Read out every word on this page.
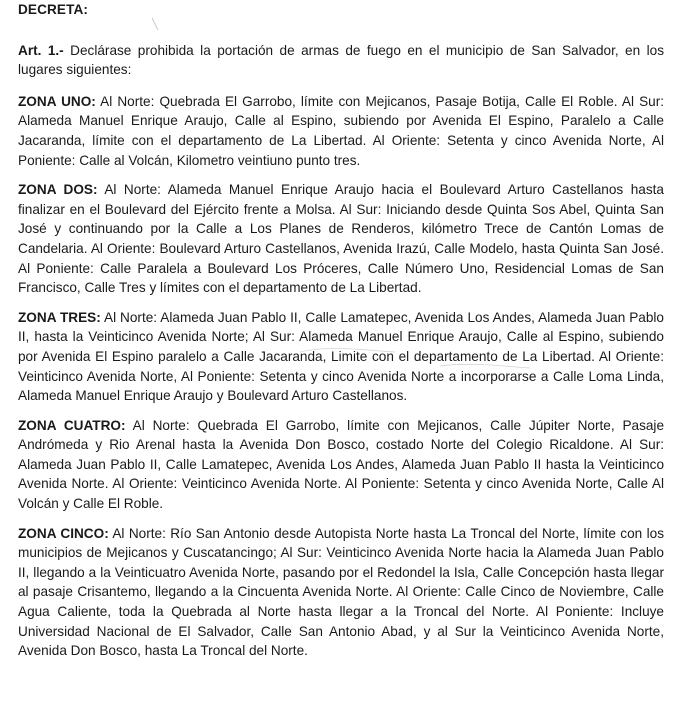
DECRETA:

Art. 1.- Declárase prohibida la portación de armas de fuego en el municipio de San Salvador, en los lugares siguientes:

ZONA UNO: Al Norte: Quebrada El Garrobo, límite con Mejicanos, Pasaje Botija, Calle El Roble. Al Sur: Alameda Manuel Enrique Araujo, Calle al Espino, subiendo por Avenida El Espino, Paralelo a Calle Jacaranda, límite con el departamento de La Libertad. Al Oriente: Setenta y cinco Avenida Norte, Al Poniente: Calle al Volcán, Kilometro veintiuno punto tres.

ZONA DOS: Al Norte: Alameda Manuel Enrique Araujo hacia el Boulevard Arturo Castellanos hasta finalizar en el Boulevard del Ejército frente a Molsa. Al Sur: Iniciando desde Quinta Sos Abel, Quinta San José y continuando por la Calle a Los Planes de Renderos, kilómetro Trece de Cantón Lomas de Candelaria. Al Oriente: Boulevard Arturo Castellanos, Avenida Irazú, Calle Modelo, hasta Quinta San José. Al Poniente: Calle Paralela a Boulevard Los Próceres, Calle Número Uno, Residencial Lomas de San Francisco, Calle Tres y límites con el departamento de La Libertad.

ZONA TRES: Al Norte: Alameda Juan Pablo II, Calle Lamatepec, Avenida Los Andes, Alameda Juan Pablo II, hasta la Veinticinco Avenida Norte; Al Sur: Alameda Manuel Enrique Araujo, Calle al Espino, subiendo por Avenida El Espino paralelo a Calle Jacaranda, Limite con el departamento de La Libertad. Al Oriente: Veinticinco Avenida Norte, Al Poniente: Setenta y cinco Avenida Norte a incorporarse a Calle Loma Linda, Alameda Manuel Enrique Araujo y Boulevard Arturo Castellanos.

ZONA CUATRO: Al Norte: Quebrada El Garrobo, límite con Mejicanos, Calle Júpiter Norte, Pasaje Andrómeda y Rio Arenal hasta la Avenida Don Bosco, costado Norte del Colegio Ricaldone. Al Sur: Alameda Juan Pablo II, Calle Lamatepec, Avenida Los Andes, Alameda Juan Pablo II hasta la Veinticinco Avenida Norte. Al Oriente: Veinticinco Avenida Norte. Al Poniente: Setenta y cinco Avenida Norte, Calle Al Volcán y Calle El Roble.

ZONA CINCO: Al Norte: Río San Antonio desde Autopista Norte hasta La Troncal del Norte, límite con los municipios de Mejicanos y Cuscatancingo; Al Sur: Veinticinco Avenida Norte hacia la Alameda Juan Pablo II, llegando a la Veinticuatro Avenida Norte, pasando por el Redondel la Isla, Calle Concepción hasta llegar al pasaje Crisantemo, llegando a la Cincuenta Avenida Norte. Al Oriente: Calle Cinco de Noviembre, Calle Agua Caliente, toda la Quebrada al Norte hasta llegar a la Troncal del Norte. Al Poniente: Incluye Universidad Nacional de El Salvador, Calle San Antonio Abad, y al Sur la Veinticinco Avenida Norte, Avenida Don Bosco, hasta La Troncal del Norte.
